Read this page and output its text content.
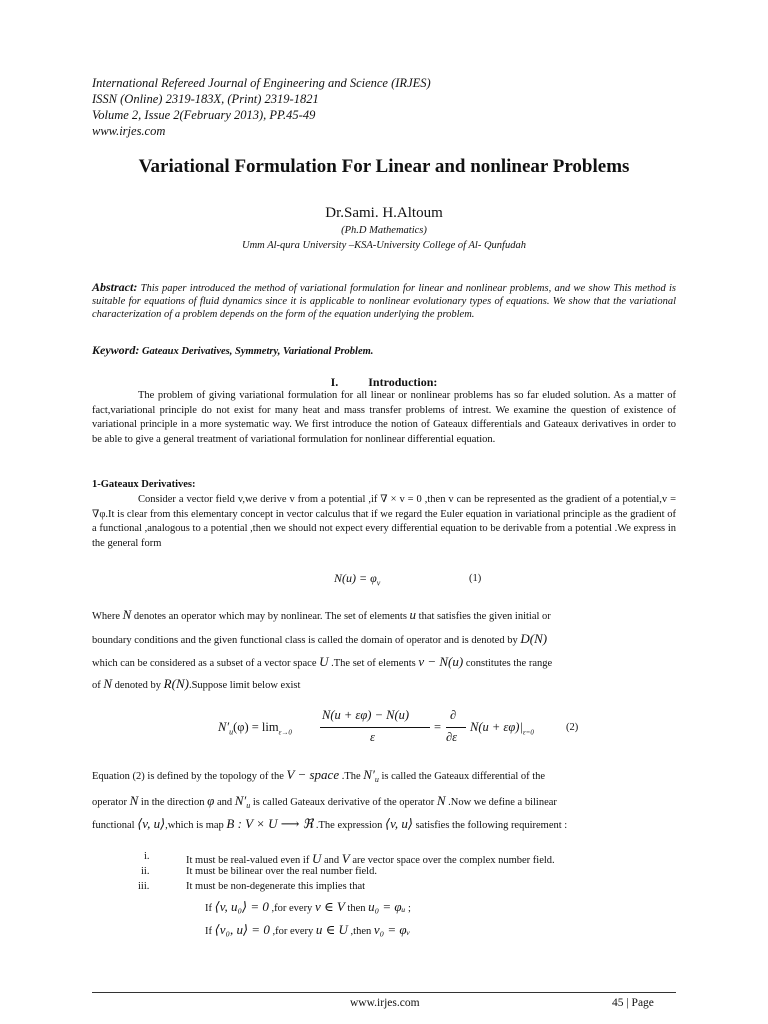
International Refereed Journal of Engineering and Science (IRJES)
ISSN (Online) 2319-183X, (Print) 2319-1821
Volume 2, Issue 2(February 2013), PP.45-49
www.irjes.com
Variational Formulation For Linear and nonlinear Problems
Dr.Sami. H.Altoum
(Ph.D Mathematics)
Umm Al-qura University –KSA-University College of Al- Qunfudah
Abstract: This paper introduced the method of variational formulation for linear and nonlinear problems, and we show This method is suitable for equations of fluid dynamics since it is applicable to nonlinear evolutionary types of equations. We show that the variational characterization of a problem depends on the form of the equation underlying the problem.
Keyword: Gateaux Derivatives, Symmetry, Variational Problem.
I.	Introduction:
The problem of giving variational formulation for all linear or nonlinear problems has so far eluded solution. As a matter of fact,variational principle do not exist for many heat and mass transfer problems of intrest. We examine the question of existence of variational principle in a more systematic way. We first introduce the notion of Gateaux differentials and Gateaux derivatives in order to be able to give a general treatment of variational formulation for nonlinear differential equation.
1-Gateaux Derivatives:
Consider a vector field v,we derive v from a potential ,if ∇ × v = 0 ,then v can be represented as the gradient of a potential,v = ∇φ.It is clear from this elementary concept in vector calculus that if we regard the Euler equation in variational principle as the gradient of a functional ,analogous to a potential ,then we should not expect every differential equation to be derivable from a potential .We express in the general form
$N(u) = \varphi_v$	(1)
Where N denotes an operator which may by nonlinear. The set of elements u that satisfies the given initial or
boundary conditions and the given functional class is called the domain of operator and is denoted by D(N)
which can be considered as a subset of a vector space U .The set of elements v − N(u) constitutes the range
of N denoted by R(N).Suppose limit below exist
$N'_u(\varphi) = \lim_{\varepsilon\to 0}$
N(u + εφ) − N(u)
ε
=
∂
∂ε
$N(u + \varepsilon\varphi)|_{\varepsilon=0}$	(2)
Equation (2) is defined by the topology of the V − space .The $N'_u$ is called the Gateaux differential of the
operator N in the direction φ and $N'_u$ is called Gateaux derivative of the operator N .Now we define a bilinear
functional ⟨v, u⟩,which is map B : V × U ⟶ ℜ .The expression ⟨v, u⟩ satisfies the following requirement :
i.	It must be real-valued even if U and V are vector space over the complex number field.
ii.	It must be bilinear over the real number field.
iii.	It must be non-degenerate this implies that
If ⟨v, u₀⟩ = 0 ,for every v ∈ V then u₀ = φᵤ ;
If ⟨v₀, u⟩ = 0 ,for every u ∈ U ,then v₀ = φᵥ
www.irjes.com	45 | Page
